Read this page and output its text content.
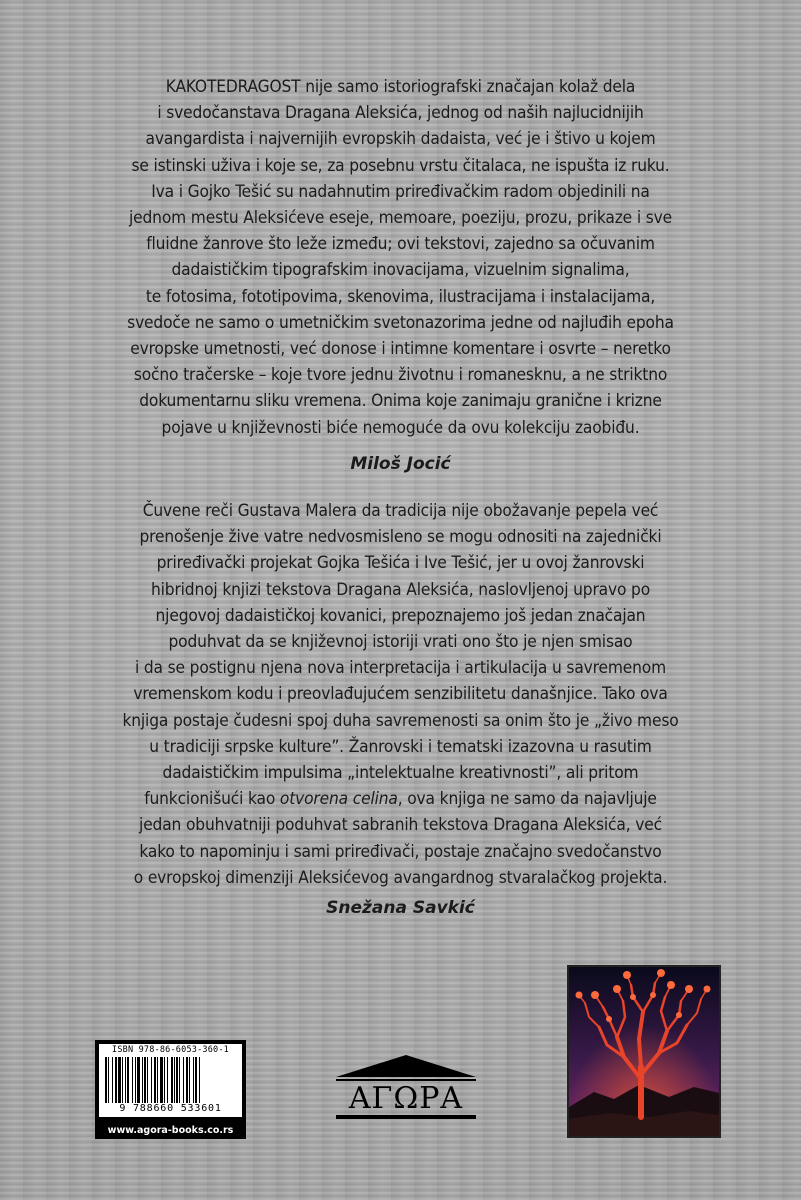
KAKOTEDRAGOST nije samo istoriografski značajan kolaž dela
i svedočanstava Dragana Aleksića, jednog od naših najlucidnijih
avangardista i najvernijih evropskih dadaista, već je i štivo u kojem
se istinski uživa i koje se, za posebnu vrstu čitalaca, ne ispušta iz ruku.
Iva i Gojko Tešić su nadahnutim priređivačkim radom objedinili na
jednom mestu Aleksićeve eseje, memoare, poeziju, prozu, prikaze i sve
fluidne žanrove što leže između; ovi tekstovi, zajedno sa očuvanim
dadaističkim tipografskim inovacijama, vizuelnim signalima,
te fotosima, fototipovima, skenovima, ilustracijama i instalacijama,
svedoče ne samo o umetničkim svetonazorima jedne od najluđih epoha
evropske umetnosti, već donose i intimne komentare i osvrte – neretko
sočno tračerske – koje tvore jednu životnu i romanesknu, a ne striktno
dokumentarnu sliku vremena. Onima koje zanimaju granične i krizne
pojave u književnosti biće nemoguće da ovu kolekciju zaobiđu.

Miloš Jocić

Čuvene reči Gustava Malera da tradicija nije obožavanje pepela već
prenošenje žive vatre nedvosmisleno se mogu odnositi na zajednički
priređivački projekat Gojka Tešića i Ive Tešić, jer u ovoj žanrovski
hibridnoj knjizi tekstova Dragana Aleksića, naslovljenoj upravo po
njegovoj dadaističkoj kovanici, prepoznajemo još jedan značajan
poduhvat da se književnoj istoriji vrati ono što je njen smisao
i da se postignu njena nova interpretacija i artikulacija u savremenom
vremenskom kodu i preovlađujućem senzibilitetu današnjice. Tako ova
knjiga postaje čudesni spoj duha savremenosti sa onim što je „živo meso
u tradiciji srpske kulture”. Žanrovski i tematski izazovna u rasutim
dadaističkim impulsima „intelektualne kreativnosti”, ali pritom
funkcionišući kao otvorena celina, ova knjiga ne samo da najavljuje
jedan obuhvatniji poduhvat sabranih tekstova Dragana Aleksića, već
kako to napominju i sami priređivači, postaje značajno svedočanstvo
o evropskoj dimenziji Aleksićevog avangardnog stvaralačkog projekta.

Snežana Savkić
ISBN 978-86-6053-360-1
9 788660 533601
www.agora-books.co.rs
ΑΓΩΡΑ
